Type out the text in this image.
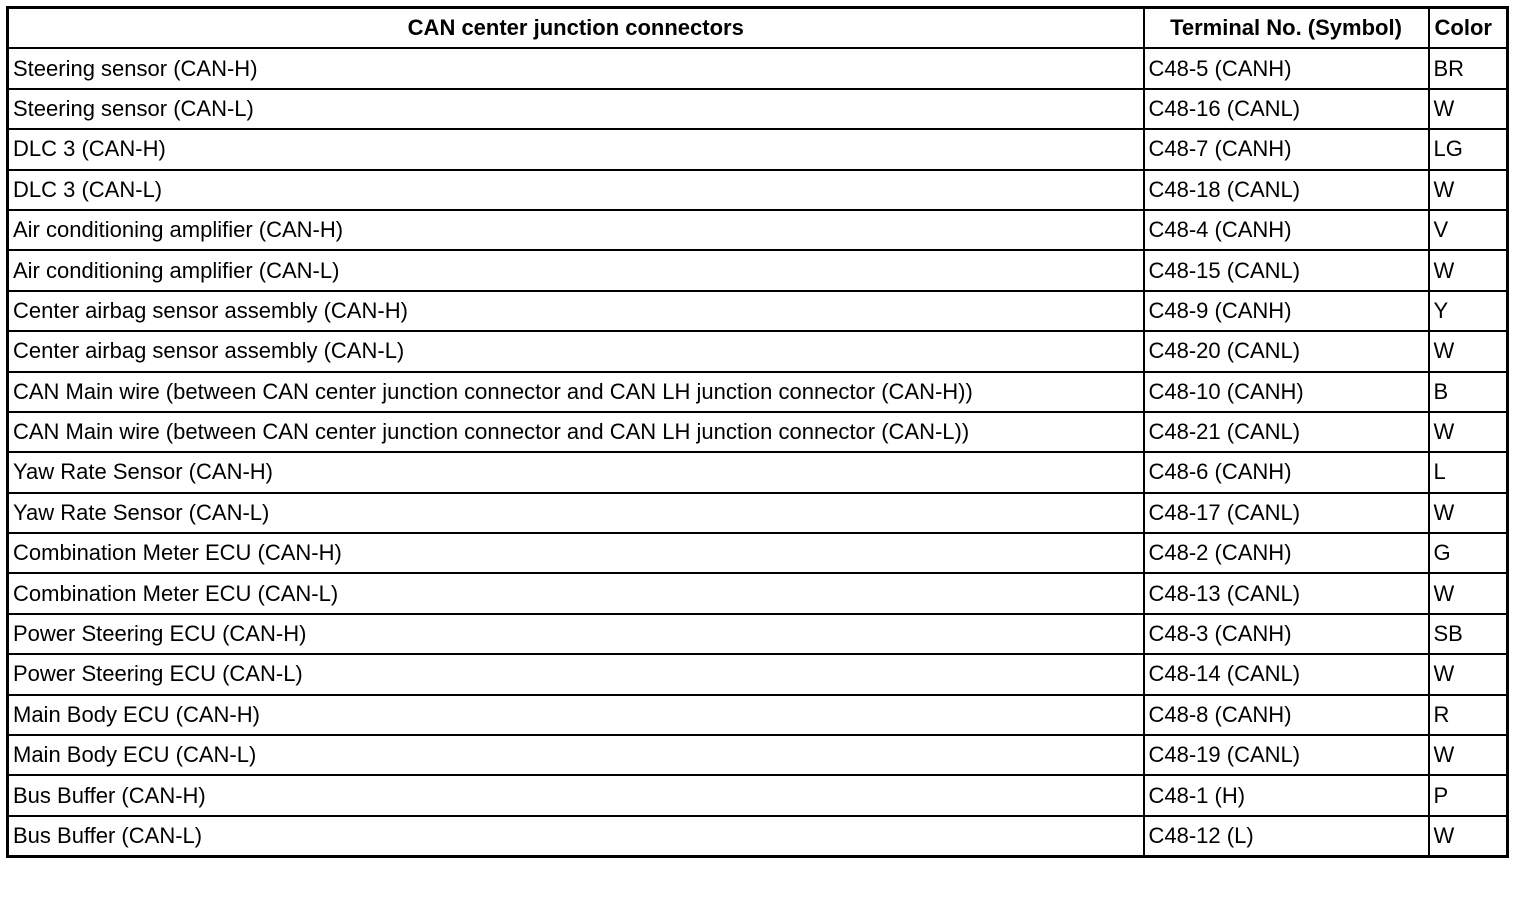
CAN center junction connectors	Terminal No. (Symbol)	Color
Steering sensor (CAN-H)	C48-5 (CANH)	BR
Steering sensor (CAN-L)	C48-16 (CANL)	W
DLC 3 (CAN-H)	C48-7 (CANH)	LG
DLC 3 (CAN-L)	C48-18 (CANL)	W
Air conditioning amplifier (CAN-H)	C48-4 (CANH)	V
Air conditioning amplifier (CAN-L)	C48-15 (CANL)	W
Center airbag sensor assembly (CAN-H)	C48-9 (CANH)	Y
Center airbag sensor assembly (CAN-L)	C48-20 (CANL)	W
CAN Main wire (between CAN center junction connector and CAN LH junction connector (CAN-H))	C48-10 (CANH)	B
CAN Main wire (between CAN center junction connector and CAN LH junction connector (CAN-L))	C48-21 (CANL)	W
Yaw Rate Sensor (CAN-H)	C48-6 (CANH)	L
Yaw Rate Sensor (CAN-L)	C48-17 (CANL)	W
Combination Meter ECU (CAN-H)	C48-2 (CANH)	G
Combination Meter ECU (CAN-L)	C48-13 (CANL)	W
Power Steering ECU (CAN-H)	C48-3 (CANH)	SB
Power Steering ECU (CAN-L)	C48-14 (CANL)	W
Main Body ECU (CAN-H)	C48-8 (CANH)	R
Main Body ECU (CAN-L)	C48-19 (CANL)	W
Bus Buffer (CAN-H)	C48-1 (H)	P
Bus Buffer (CAN-L)	C48-12 (L)	W
